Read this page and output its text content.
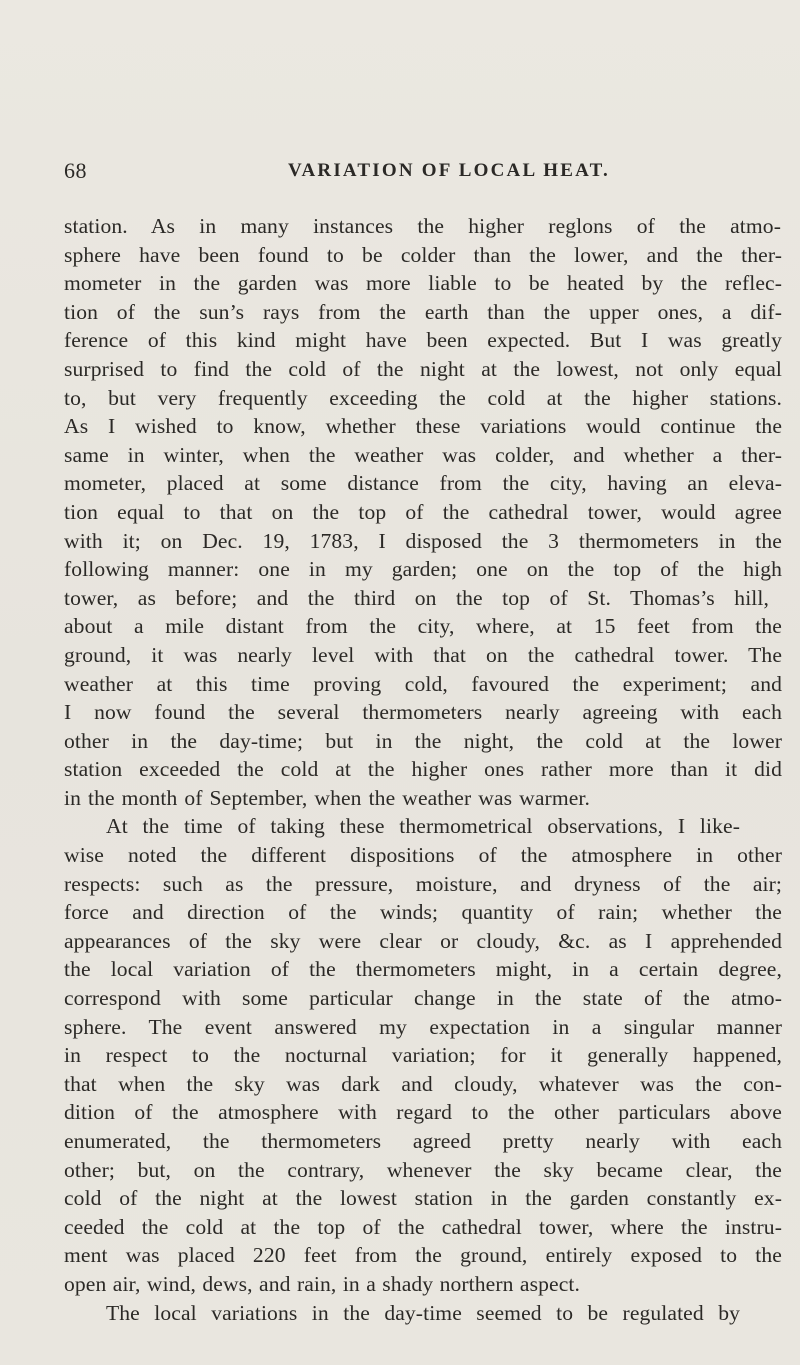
68	VARIATION OF LOCAL HEAT.
station. As in many instances the higher reglons of the atmo-
sphere have been found to be colder than the lower, and the ther-
mometer in the garden was more liable to be heated by the reflec-
tion of the sun’s rays from the earth than the upper ones, a dif-
ference of this kind might have been expected. But I was greatly
surprised to find the cold of the night at the lowest, not only equal
to, but very frequently exceeding the cold at the higher stations.
As I wished to know, whether these variations would continue the
same in winter, when the weather was colder, and whether a ther-
mometer, placed at some distance from the city, having an eleva-
tion equal to that on the top of the cathedral tower, would agree
with it; on Dec. 19, 1783, I disposed the 3 thermometers in the
following manner: one in my garden; one on the top of the high
tower, as before; and the third on the top of St. Thomas’s hill,
about a mile distant from the city, where, at 15 feet from the
ground, it was nearly level with that on the cathedral tower. The
weather at this time proving cold, favoured the experiment; and
I now found the several thermometers nearly agreeing with each
other in the day-time; but in the night, the cold at the lower
station exceeded the cold at the higher ones rather more than it did
in the month of September, when the weather was warmer.
At the time of taking these thermometrical observations, I like-
wise noted the different dispositions of the atmosphere in other
respects: such as the pressure, moisture, and dryness of the air;
force and direction of the winds; quantity of rain; whether the
appearances of the sky were clear or cloudy, &c. as I apprehended
the local variation of the thermometers might, in a certain degree,
correspond with some particular change in the state of the atmo-
sphere. The event answered my expectation in a singular manner
in respect to the nocturnal variation; for it generally happened,
that when the sky was dark and cloudy, whatever was the con-
dition of the atmosphere with regard to the other particulars above
enumerated, the thermometers agreed pretty nearly with each
other; but, on the contrary, whenever the sky became clear, the
cold of the night at the lowest station in the garden constantly ex-
ceeded the cold at the top of the cathedral tower, where the instru-
ment was placed 220 feet from the ground, entirely exposed to the
open air, wind, dews, and rain, in a shady northern aspect.
The local variations in the day-time seemed to be regulated by
